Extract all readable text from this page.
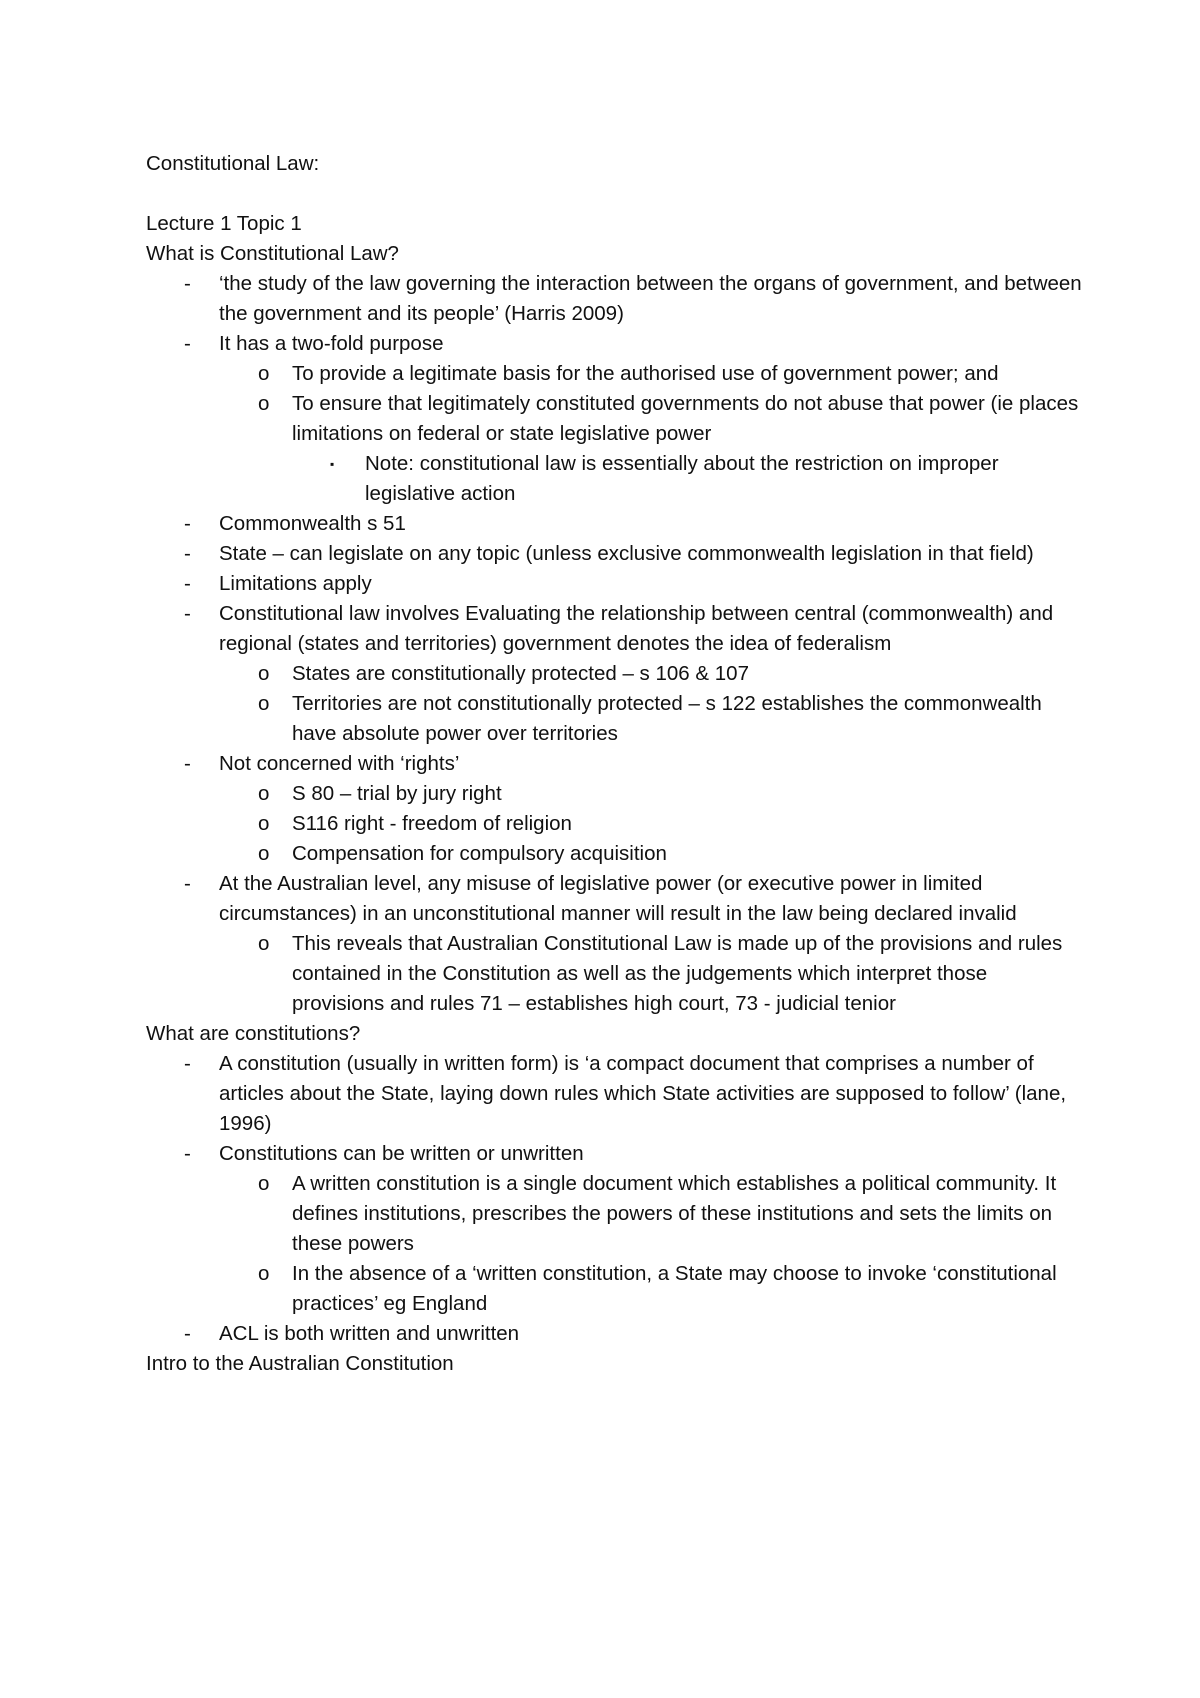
Constitutional Law:
Lecture 1 Topic 1
What is Constitutional Law?
- ‘the study of the law governing the interaction between the organs of government, and between the government and its people’ (Harris 2009)
- It has a two-fold purpose
o To provide a legitimate basis for the authorised use of government power; and
o To ensure that legitimately constituted governments do not abuse that power (ie places limitations on federal or state legislative power
▪ Note: constitutional law is essentially about the restriction on improper legislative action
- Commonwealth s 51
- State – can legislate on any topic (unless exclusive commonwealth legislation in that field)
- Limitations apply
- Constitutional law involves Evaluating the relationship between central (commonwealth) and regional (states and territories) government denotes the idea of federalism
o States are constitutionally protected – s 106 & 107
o Territories are not constitutionally protected – s 122 establishes the commonwealth have absolute power over territories
- Not concerned with ‘rights’
o S 80 – trial by jury right
o S116 right - freedom of religion
o Compensation for compulsory acquisition
- At the Australian level, any misuse of legislative power (or executive power in limited circumstances) in an unconstitutional manner will result in the law being declared invalid
o This reveals that Australian Constitutional Law is made up of the provisions and rules contained in the Constitution as well as the judgements which interpret those provisions and rules 71 – establishes high court, 73 - judicial tenior
What are constitutions?
- A constitution (usually in written form) is ‘a compact document that comprises a number of articles about the State, laying down rules which State activities are supposed to follow’ (lane, 1996)
- Constitutions can be written or unwritten
o A written constitution is a single document which establishes a political community. It defines institutions, prescribes the powers of these institutions and sets the limits on these powers
o In the absence of a ‘written constitution, a State may choose to invoke ‘constitutional practices’ eg England
- ACL is both written and unwritten
Intro to the Australian Constitution
